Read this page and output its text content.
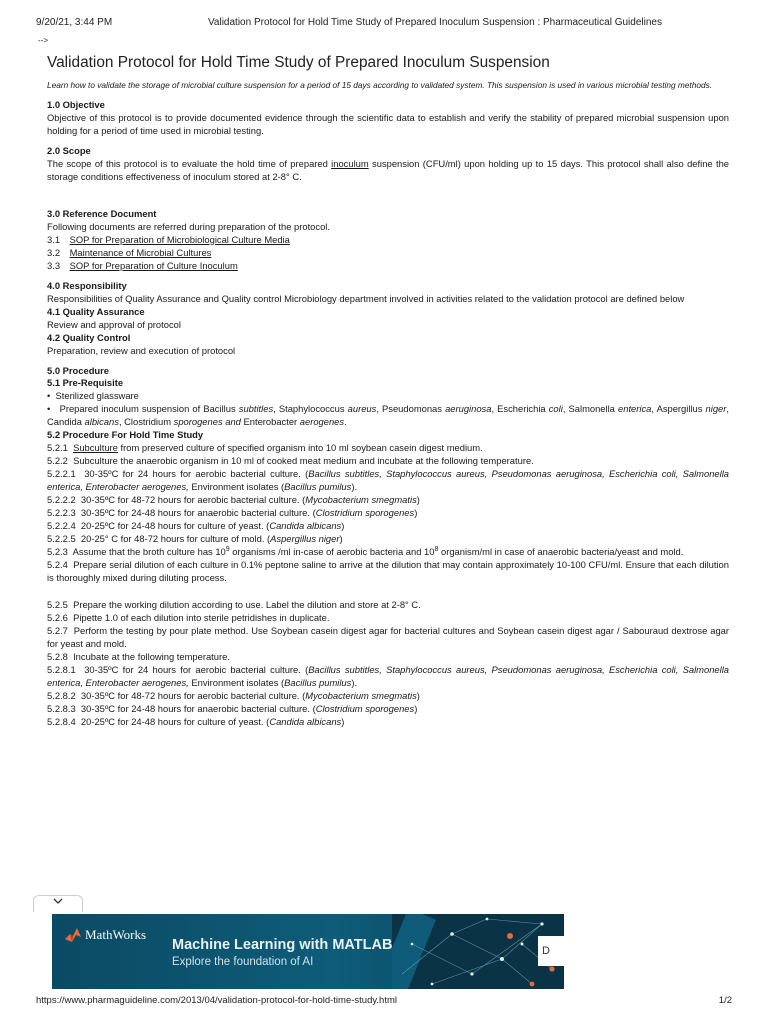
9/20/21, 3:44 PM	Validation Protocol for Hold Time Study of Prepared Inoculum Suspension : Pharmaceutical Guidelines
-->
Validation Protocol for Hold Time Study of Prepared Inoculum Suspension

Learn how to validate the storage of microbial culture suspension for a period of 15 days according to validated system. This suspension is used in various microbial testing methods.

1.0 Objective

Objective of this protocol is to provide documented evidence through the scientific data to establish and verify the stability of prepared microbial suspension upon holding for a period of time used in microbial testing.

2.0 Scope

The scope of this protocol is to evaluate the hold time of prepared inoculum suspension (CFU/ml) upon holding up to 15 days. This protocol shall also define the storage conditions effectiveness of inoculum stored at 2-8° C.

3.0 Reference Document

Following documents are referred during preparation of the protocol.

3.1 SOP for Preparation of Microbiological Culture Media

3.2 Maintenance of Microbial Cultures

3.3 SOP for Preparation of Culture Inoculum

4.0 Responsibility

Responsibilities of Quality Assurance and Quality control Microbiology department involved in activities related to the validation protocol are defined below

4.1 Quality Assurance

Review and approval of protocol

4.2 Quality Control

Preparation, review and execution of protocol

5.0 Procedure

5.1 Pre-Requisite

•  Sterilized glassware

•   Prepared inoculum suspension of Bacillus subtitles, Staphylococcus aureus, Pseudomonas aeruginosa, Escherichia coli, Salmonella enterica, Aspergillus niger, Candida albicans, Clostridium sporogenes and Enterobacter aerogenes.

5.2 Procedure For Hold Time Study

5.2.1 Subculture from preserved culture of specified organism into 10 ml soybean casein digest medium.

5.2.2 Subculture the anaerobic organism in 10 ml of cooked meat medium and incubate at the following temperature.

5.2.2.1 30-35ºC for 24 hours for aerobic bacterial culture. (Bacillus subtitles, Staphylococcus aureus, Pseudomonas aeruginosa, Escherichia coli, Salmonella enterica, Enterobacter aerogenes, Environment isolates (Bacillus pumilus).

5.2.2.2 30-35ºC for 48-72 hours for aerobic bacterial culture. (Mycobacterium smegmatis)

5.2.2.3 30-35ºC for 24-48 hours for anaerobic bacterial culture. (Clostridium sporogenes)

5.2.2.4 20-25ºC for 24-48 hours for culture of yeast. (Candida albicans)

5.2.2.5 20-25° C for 48-72 hours for culture of mold. (Aspergillus niger)

5.2.3 Assume that the broth culture has $10^9$ organisms /ml in-case of aerobic bacteria and $10^8$ organism/ml in case of anaerobic bacteria/yeast and mold.

5.2.4 Prepare serial dilution of each culture in 0.1% peptone saline to arrive at the dilution that may contain approximately 10-100 CFU/ml. Ensure that each dilution is thoroughly mixed during diluting process.

5.2.5 Prepare the working dilution according to use. Label the dilution and store at 2-8° C.

5.2.6 Pipette 1.0 of each dilution into sterile petridishes in duplicate.

5.2.7 Perform the testing by pour plate method. Use Soybean casein digest agar for bacterial cultures and Soybean casein digest agar / Sabouraud dextrose agar for yeast and mold.

5.2.8 Incubate at the following temperature.

5.2.8.1 30-35ºC for 24 hours for aerobic bacterial culture. (Bacillus subtitles, Staphylococcus aureus, Pseudomonas aeruginosa, Escherichia coli, Salmonella enterica, Enterobacter aerogenes, Environment isolates (Bacillus pumilus).

5.2.8.2 30-35ºC for 48-72 hours for aerobic bacterial culture. (Mycobacterium smegmatis)

5.2.8.3 30-35ºC for 24-48 hours for anaerobic bacterial culture. (Clostridium sporogenes)

5.2.8.4 20-25ºC for 24-48 hours for culture of yeast. (Candida albicans)

MathWorks
Machine Learning with MATLAB
Explore the foundation of AI
D
https://www.pharmaguideline.com/2013/04/validation-protocol-for-hold-time-study.html	1/2
